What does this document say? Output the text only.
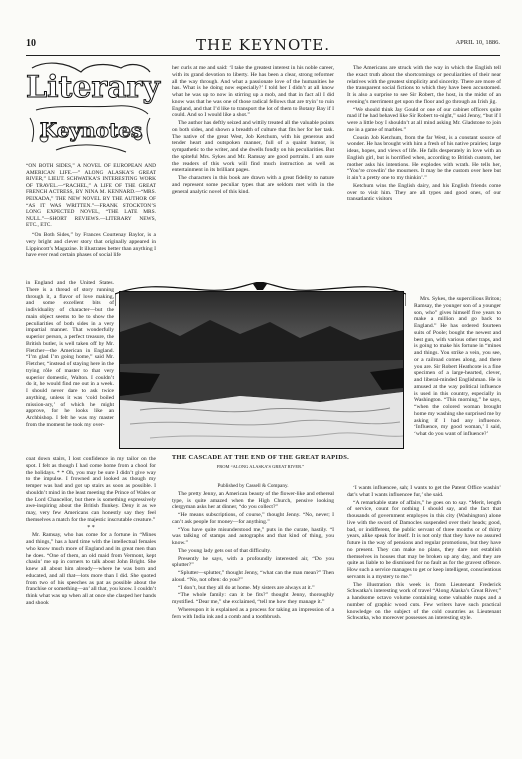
10	THE KEYNOTE.	APRIL 10, 1886.
Literary
Keynotes
“ON BOTH SIDES,” A NOVEL OF EUROPEAN AND AMERICAN LIFE.—” ALONG ALASKA’S GREAT RIVER,” LIEUT. SCHWATKA’S INTERESTING WORK OF TRAVEL.—“RACHEL,” A LIFE OF THE GREAT FRENCH ACTRESS, BY NINA M. KENNARD.—“MRS. PEIXADA,” THE NEW NOVEL BY THE AUTHOR OF “AS IT WAS WRITTEN.”—FRANK STOCKTON’S LONG EXPECTED NOVEL, “THE LATE MRS. NULL.”—SHORT REVIEWS.—LITERARY NEWS, ETC., ETC.

“On Both Sides,” by Frances Courtenay Baylor, is a very bright and clever story that originally appeared in Lippincott’s Magazine. It illustrates better than anything I have ever read certain phases of social life

in England and the United States. There is a thread of story running through it, a flavor of love making, and some excellent bits of individuality of character—but the main object seems to be to show the peculiarities of both sides in a very impartial manner. That wonderfully superior person, a perfect treasure, the British butler, is well taken off by Mr. Fletcher—the American in England. “I’m glad I’m going home,” said Mr. Fletcher, “instead of staying here in the trying rôle of master to that very superior domestic, Walton. I couldn’t do it, he would find me out in a week. I should never dare to ask twice anything, unless it was ‘cold boiled mission-ary,’ of which he might approve, for he looks like an Archbishop. I felt he was my master from the moment he took my over-

coat down stairs, I lost confidence in my tailor on the spot. I felt as though I had come home from a chool for the holidays. * * Oh, you may be sure I didn’t give way to the impulse. I frowned and looked as though my temper was bad and got up stairs as soon as possible. I shouldn’t mind in the least meeting the Prince of Wales or the Lord Chancellor, but there is something expressively awe-inspiring about the British flunkey. Deny it as we may, very few Americans can honestly say they feel themselves a match for the majestic inscrutable creature.”

* *

Mr. Ramsay, who has come for a fortune in “Mines and things,” has a hard time with the intellectual females who know much more of England and its great men than he does. “One of them, an old maid from Vermont, kept chasin’ me up in corners to talk about John Bright. She knew all about him already—where he was born and educated, and all that—lots more than I did. She quoted from two of his speeches as pat as possible about the franchise or something—an’ all that, you know. I couldn’t think what was up when all at once she clasped her hands and shook

her curls at me and said: ‘I take the greatest interest in his noble career, with its grand devotion to liberty. He has been a clear, strong reformer all the way through. And what a passionate love of the humanities he has. What is he doing now especially?’ I told her I didn’t at all know what he was up to now in stirring up a mob, and that in fact all I did know was that he was one of those radical fellows that are tryin’ to ruin England, and that I’d like to transport the lot of them to Botany Bay if I could. And so I would like a shot.”

The author has deftly seized and wittily treated all the valuable points on both sides, and shown a breadth of culture that fits her for her task. The native of the great West, Job Ketchum, with his generous and tender heart and outspoken manner, full of a quaint humor, is sympathetic to the writer, and she dwells fondly on his peculiarities. But the spiteful Mrs. Sykes and Mr. Ramsay are good portraits. I am sure the readers of this work will find much instruction as well as entertainment in its brilliant pages.

The characters in this book are drawn with a great fidelity to nature and represent some peculiar types that are seldom met with in the general analytic novel of this kind.

Published by Cassell & Company.

The pretty Jenny, an American beauty of the flower-like and ethereal type, is quite amazed when the High Church, pensive looking clergyman asks her at dinner, “do you collect?”

“He means subscriptions, of course,” thought Jenny. “No, never; I can’t ask people for money—for anything.”

“You have quite misunderstood me,” puts in the curate, hastily. “I was talking of stamps and autographs and that kind of thing, you know.”

The young lady gets out of that difficulty.

Presently he says, with a profoundly interested air, “Do you splutter?”

“Splutter—splutter,” thought Jenny, “what can the man mean?” Then aloud. “No, not often: do you?”

“I don’t, but they all do at home. My sisters are always at it.”

“The whole family: can it be fits?” thought Jenny, thoroughly mystified. “Dear me,” she exclaimed, “tell me how they manage it.”

Whereupon it is explained as a process for taking an impression of a fern with India ink and a comb and a toothbrush.

The Americans are struck with the way in which the English tell the exact truth about the shortcomings or peculiarities of their near relatives with the greatest simplicity and sincerity. There are more of the transparent social fictions to which they have been accustomed. It is also a surprise to see Sir Robert, the host, in the midst of an evening’s merriment get upon the floor and go through an Irish jig.

“We should think Jay Gould or one of our cabinet officers quite mad if he had behaved like Sir Robert to-night,” said Jenny, “but if I were a little boy I shouldn’t at all mind asking Mr. Gladstone to join me in a game of marbles.”

Cousin Job Ketchum, from the far West, is a constant source of wonder. He has brought with him a fresh of his native prairies; large ideas, hopes, and views of life. He falls desperately in love with an English girl, but is horrified when, according to British custom, her mother asks his intentions. He explodes with wrath. He tells her, “You’re crowdin’ the mourners. It may be the custom over here but it ain’t a pretty one to my thinkin’.”

Ketchum wins the English dairy, and his English friends come over to visit him. They are all types and good ones, of our transatlantic visitors

Mrs. Sykes, the supercilious Briton; Ramsay, the younger son of a younger son, who” gives himself five years to make a million and go back to England.” He has ordered fourteen suits of Poole; bought the newest and best gun, with various other traps, and is going to make his fortune in “mines and things. You strike a vein, you see, or a railroad comes along, and there you are. Sir Robert Heathcote is a fine specimen of a large-hearted, clever, and liberal-minded Englishman. He is amused at the way political influence is used in this country, especially in Washington. “This morning,” he says, “when the colored woman brought home my washing she surprised me by asking if I had any influence. ‘Influence, my good woman,’ I said, ‘what do you want of influence?’

‘I wants influencee, sah; I wants to get the Patent Office washin’ dat’s what I wants influencee fur,’ she said.

“A remarkable state of affairs,” he goes on to say. “Merit, length of service, count for nothing I should say, and the fact that thousands of government employes in this city (Washington) alone live with the sword of Damocles suspended over their heads; good, bad, or indifferent, the public servant of three months or of thirty years, alike speak for itself. It is not only that they have no assured future in the way of pensions and regular promotions, but they have no present. They can make no plans, they dare not establish themselves in houses that may be broken up any day, and they are quite as liable to be dismissed for no fault as for the gravest offence. How such a service manages to get or keep intelligent, conscientious servants is a mystery to me.”

The illustration this week is from Lieutenant Frederick Schwatka’s interesting work of travel “Along Alaska’s Great River,” a handsome octavo volume containing some valuable maps and a number of graphic wood cuts. Few writers have such practical knowledge on the subject of the cold countries as Lieutenant Schwatka, who moreover possesses an interesting style.

THE CASCADE AT THE END OF THE GREAT RAPIDS.
FROM “ALONG ALASKA’S GREAT RIVER.”
